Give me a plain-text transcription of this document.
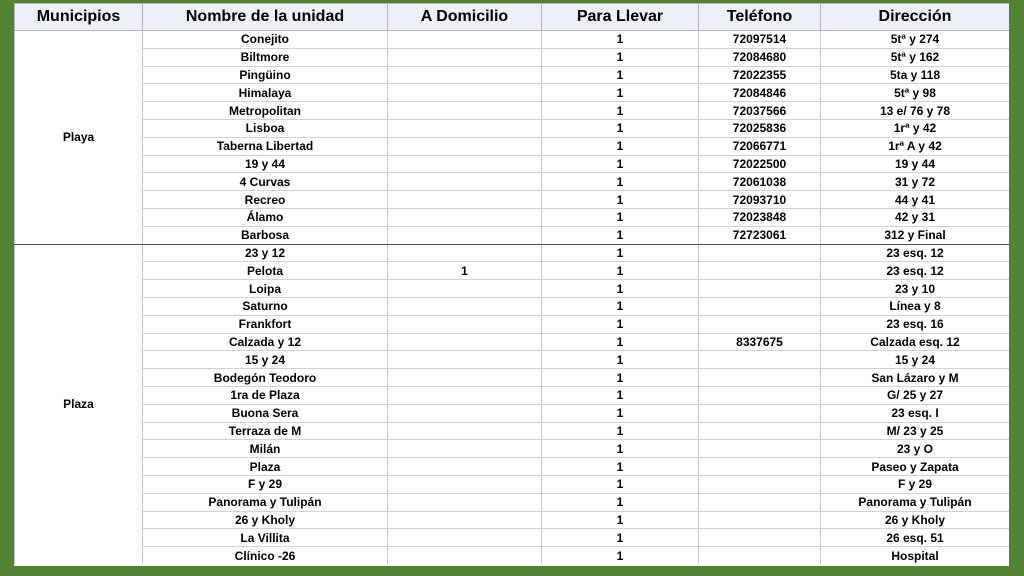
Municipios	Nombre de la unidad	A Domicilio	Para Llevar	Teléfono	Dirección
Playa	Conejito		1	72097514	5tª y 274
	Biltmore		1	72084680	5tª y 162
	Pingüino		1	72022355	5ta y 118
	Himalaya		1	72084846	5tª y 98
	Metropolitan		1	72037566	13 e/ 76 y 78
	Lisboa		1	72025836	1rª y 42
	Taberna Libertad		1	72066771	1rª A y 42
	19 y 44		1	72022500	19 y 44
	4 Curvas		1	72061038	31 y 72
	Recreo		1	72093710	44 y 41
	Álamo		1	72023848	42 y 31
	Barbosa		1	72723061	312 y Final
Plaza	23 y 12		1		23 esq. 12
	Pelota	1	1		23 esq. 12
	Loipa		1		23 y 10
	Saturno		1		Línea y 8
	Frankfort		1		23 esq. 16
	Calzada y 12		1	8337675	Calzada esq. 12
	15 y 24		1		15 y 24
	Bodegón Teodoro		1		San Lázaro y M
	1ra de Plaza		1		G/ 25 y 27
	Buona Sera		1		23 esq. I
	Terraza de M		1		M/ 23 y 25
	Milán		1		23 y O
	Plaza		1		Paseo y Zapata
	F y 29		1		F y 29
	Panorama y Tulipán		1		Panorama y Tulipán
	26 y Kholy		1		26 y Kholy
	La Villita		1		26 esq. 51
	Clínico -26		1		Hospital
